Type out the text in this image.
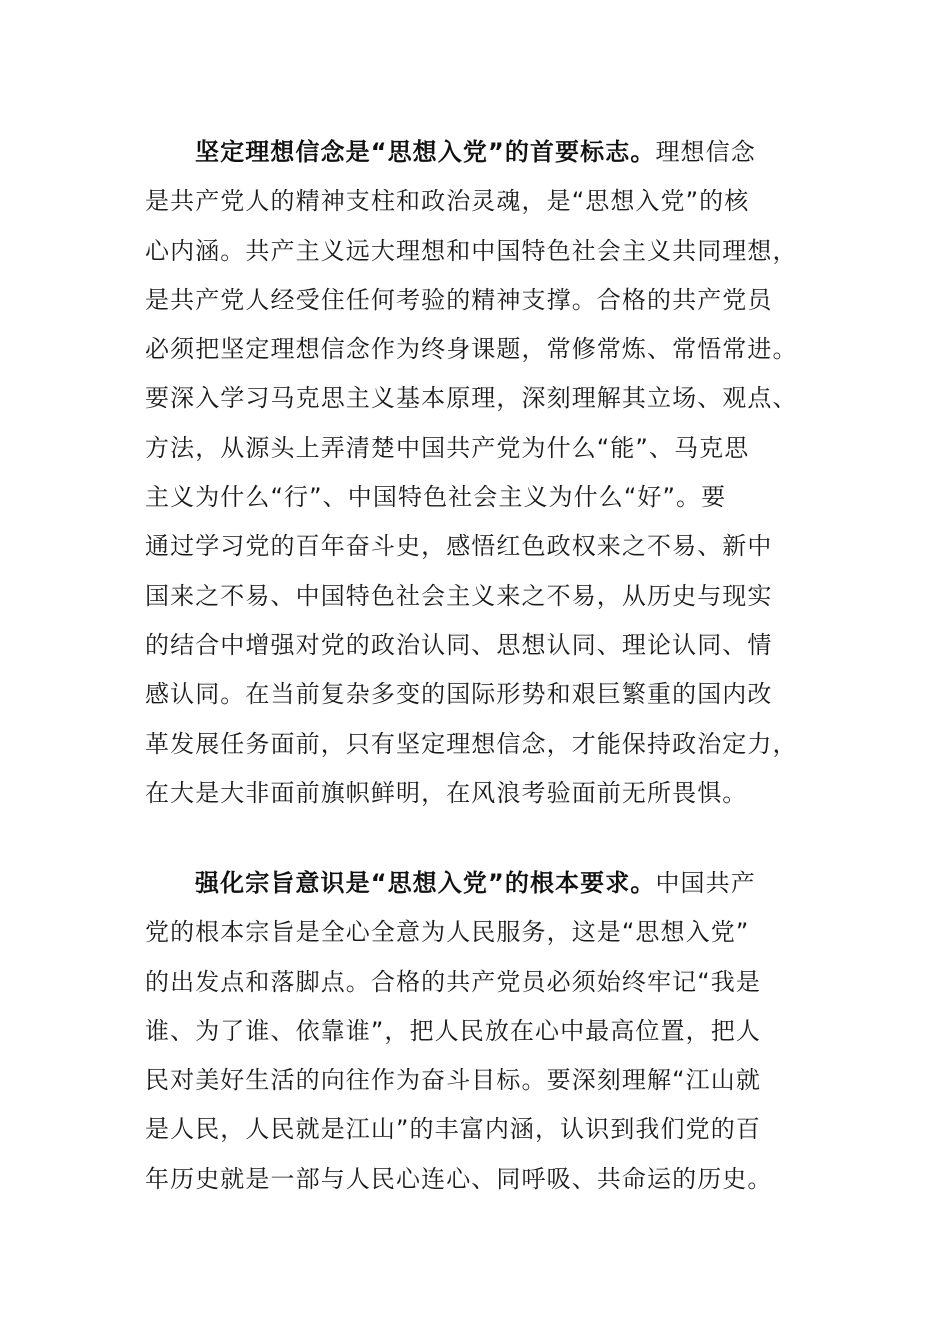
坚定理想信念是“思想入党”的首要标志。理想信念
是共产党人的精神支柱和政治灵魂，是“思想入党”的核
心内涵。共产主义远大理想和中国特色社会主义共同理想，
是共产党人经受住任何考验的精神支撑。合格的共产党员
必须把坚定理想信念作为终身课题，常修常炼、常悟常进。
要深入学习马克思主义基本原理，深刻理解其立场、观点、
方法，从源头上弄清楚中国共产党为什么“能”、马克思
主义为什么“行”、中国特色社会主义为什么“好”。要
通过学习党的百年奋斗史，感悟红色政权来之不易、新中
国来之不易、中国特色社会主义来之不易，从历史与现实
的结合中增强对党的政治认同、思想认同、理论认同、情
感认同。在当前复杂多变的国际形势和艰巨繁重的国内改
革发展任务面前，只有坚定理想信念，才能保持政治定力，
在大是大非面前旗帜鲜明，在风浪考验面前无所畏惧。

强化宗旨意识是“思想入党”的根本要求。中国共产
党的根本宗旨是全心全意为人民服务，这是“思想入党”
的出发点和落脚点。合格的共产党员必须始终牢记“我是
谁、为了谁、依靠谁”，把人民放在心中最高位置，把人
民对美好生活的向往作为奋斗目标。要深刻理解“江山就
是人民，人民就是江山”的丰富内涵，认识到我们党的百
年历史就是一部与人民心连心、同呼吸、共命运的历史。
